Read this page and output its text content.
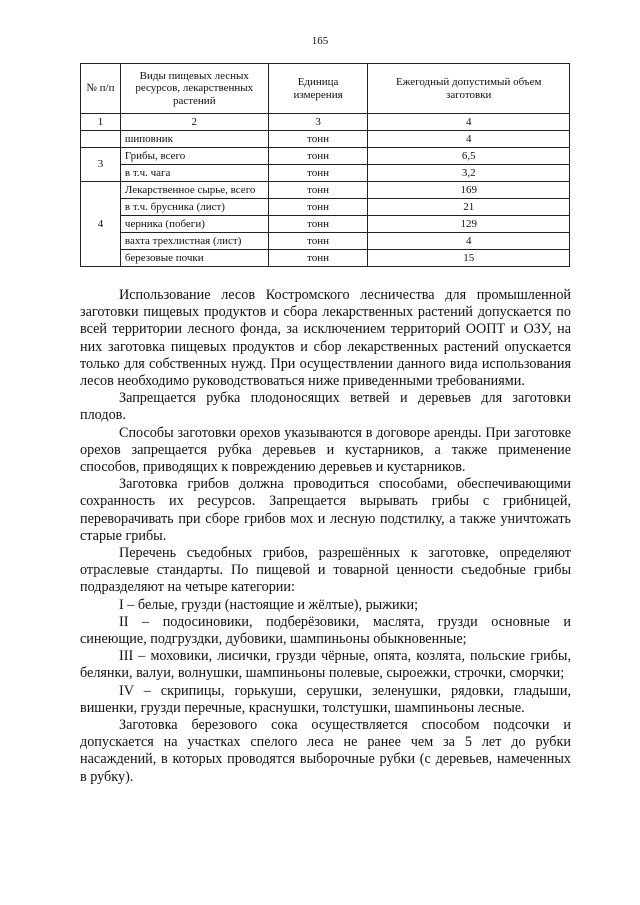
165
№ п/п	Виды пищевых лесных ресурсов, лекарственных растений	Единица измерения	Ежегодный допустимый объем заготовки
1	2	3	4
	шиповник	тонн	4
3	Грибы, всего	тонн	6,5
	в т.ч. чага	тонн	3,2
4	Лекарственное сырье, всего	тонн	169
	в т.ч. брусника (лист)	тонн	21
	черника (побеги)	тонн	129
	вахта трехлистная (лист)	тонн	4
	березовые почки	тонн	15

Использование лесов Костромского лесничества для промышленной заготовки пищевых продуктов и сбора лекарственных растений допускается по всей территории лесного фонда, за исключением территорий ООПТ и ОЗУ, на них заготовка пищевых продуктов и сбор лекарственных растений опускается только для собственных нужд. При осуществлении данного вида использования лесов необходимо руководствоваться ниже приведенными требованиями.

Запрещается рубка плодоносящих ветвей и деревьев для заготовки плодов.

Способы заготовки орехов указываются в договоре аренды. При заготовке орехов запрещается рубка деревьев и кустарников, а также применение способов, приводящих к повреждению деревьев и кустарников.

Заготовка грибов должна проводиться способами, обеспечивающими сохранность их ресурсов. Запрещается вырывать грибы с грибницей, переворачивать при сборе грибов мох и лесную подстилку, а также уничтожать старые грибы.

Перечень съедобных грибов, разрешённых к заготовке, определяют отраслевые стандарты. По пищевой и товарной ценности съедобные грибы подразделяют на четыре категории:

I – белые, грузди (настоящие и жёлтые), рыжики;

II – подосиновики, подберёзовики, маслята, грузди основные и синеющие, подгруздки, дубовики, шампиньоны обыкновенные;

III – моховики, лисички, грузди чёрные, опята, козлята, польские грибы, белянки, валуи, волнушки, шампиньоны полевые, сыроежки, строчки, сморчки;

IV – скрипицы, горькуши, серушки, зеленушки, рядовки, гладыши, вишенки, грузди перечные, краснушки, толстушки, шампиньоны лесные.

Заготовка березового сока осуществляется способом подсочки и допускается на участках спелого леса не ранее чем за 5 лет до рубки насаждений, в которых проводятся выборочные рубки (с деревьев, намеченных в рубку).
